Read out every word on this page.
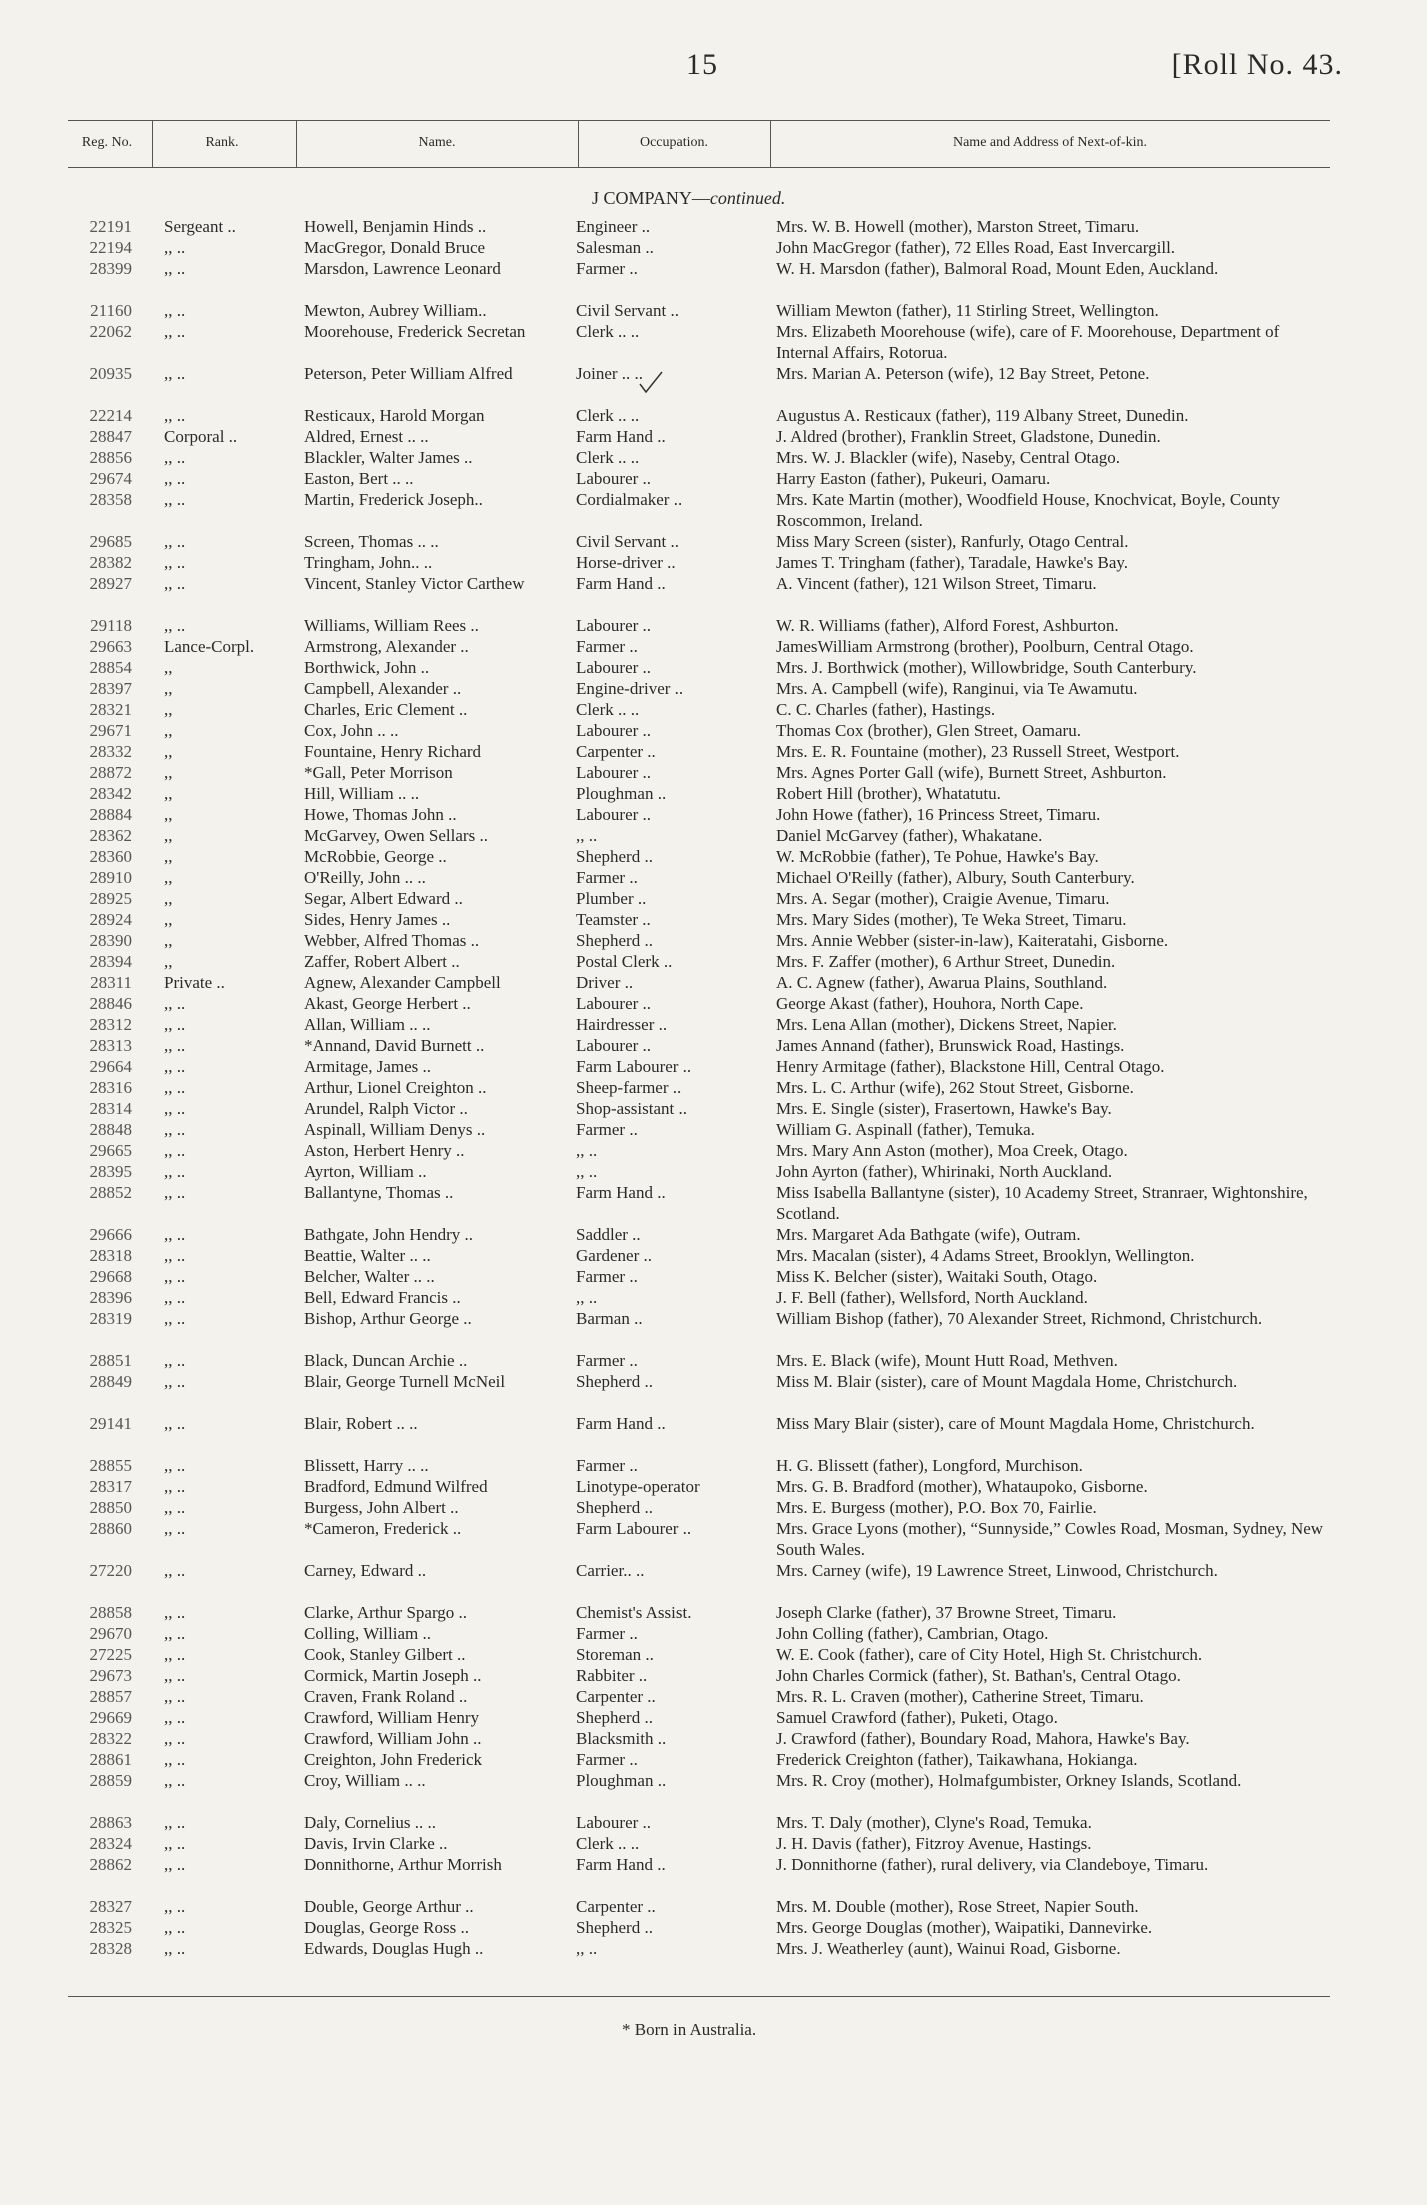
15	[Roll No. 43.
Reg. No.	Rank.	Name.	Occupation.	Name and Address of Next-of-kin.
J COMPANY—continued.
22191 Sergeant ..	Howell, Benjamin Hinds ..	Engineer ..	Mrs. W. B. Howell (mother), Marston Street, Timaru.
22194 ,, ..	MacGregor, Donald Bruce	Salesman ..	John MacGregor (father), 72 Elles Road, East Invercargill.
28399 ,, ..	Marsdon, Lawrence Leonard	Farmer ..	W. H. Marsdon (father), Balmoral Road, Mount Eden, Auckland.
21160 ,, ..	Mewton, Aubrey William..	Civil Servant ..	William Mewton (father), 11 Stirling Street, Wellington.
22062 ,, ..	Moorehouse, Frederick Secretan	Clerk .. ..	Mrs. Elizabeth Moorehouse (wife), care of F. Moorehouse, Department of Internal Affairs, Rotorua.
20935 ,, ..	Peterson, Peter William Alfred	Joiner .. ..	Mrs. Marian A. Peterson (wife), 12 Bay Street, Petone.
22214 ,, ..	Resticaux, Harold Morgan	Clerk .. ..	Augustus A. Resticaux (father), 119 Albany Street, Dunedin.
28847 Corporal ..	Aldred, Ernest .. ..	Farm Hand ..	J. Aldred (brother), Franklin Street, Gladstone, Dunedin.
28856 ,, ..	Blackler, Walter James ..	Clerk .. ..	Mrs. W. J. Blackler (wife), Naseby, Central Otago.
29674 ,, ..	Easton, Bert .. ..	Labourer ..	Harry Easton (father), Pukeuri, Oamaru.
28358 ,, ..	Martin, Frederick Joseph..	Cordialmaker ..	Mrs. Kate Martin (mother), Woodfield House, Knochvicat, Boyle, County Roscommon, Ireland.
29685 ,, ..	Screen, Thomas .. ..	Civil Servant ..	Miss Mary Screen (sister), Ranfurly, Otago Central.
28382 ,, ..	Tringham, John.. ..	Horse-driver ..	James T. Tringham (father), Taradale, Hawke's Bay.
28927 ,, ..	Vincent, Stanley Victor Carthew	Farm Hand ..	A. Vincent (father), 121 Wilson Street, Timaru.
29118 ,, ..	Williams, William Rees ..	Labourer ..	W. R. Williams (father), Alford Forest, Ashburton.
29663 Lance-Corpl.	Armstrong, Alexander ..	Farmer ..	JamesWilliam Armstrong (brother), Poolburn, Central Otago.
28854 ,,	Borthwick, John ..	Labourer ..	Mrs. J. Borthwick (mother), Willowbridge, South Canterbury.
28397 ,,	Campbell, Alexander ..	Engine-driver ..	Mrs. A. Campbell (wife), Ranginui, via Te Awamutu.
28321 ,,	Charles, Eric Clement ..	Clerk .. ..	C. C. Charles (father), Hastings.
29671 ,,	Cox, John .. ..	Labourer ..	Thomas Cox (brother), Glen Street, Oamaru.
28332 ,,	Fountaine, Henry Richard	Carpenter ..	Mrs. E. R. Fountaine (mother), 23 Russell Street, Westport.
28872 ,,	*Gall, Peter Morrison	Labourer ..	Mrs. Agnes Porter Gall (wife), Burnett Street, Ashburton.
28342 ,,	Hill, William .. ..	Ploughman ..	Robert Hill (brother), Whatatutu.
28884 ,,	Howe, Thomas John ..	Labourer ..	John Howe (father), 16 Princess Street, Timaru.
28362 ,,	McGarvey, Owen Sellars ..	,, ..	Daniel McGarvey (father), Whakatane.
28360 ,,	McRobbie, George ..	Shepherd ..	W. McRobbie (father), Te Pohue, Hawke's Bay.
28910 ,,	O'Reilly, John .. ..	Farmer ..	Michael O'Reilly (father), Albury, South Canterbury.
28925 ,,	Segar, Albert Edward ..	Plumber ..	Mrs. A. Segar (mother), Craigie Avenue, Timaru.
28924 ,,	Sides, Henry James ..	Teamster ..	Mrs. Mary Sides (mother), Te Weka Street, Timaru.
28390 ,,	Webber, Alfred Thomas ..	Shepherd ..	Mrs. Annie Webber (sister-in-law), Kaiteratahi, Gisborne.
28394 ,,	Zaffer, Robert Albert ..	Postal Clerk ..	Mrs. F. Zaffer (mother), 6 Arthur Street, Dunedin.
28311 Private ..	Agnew, Alexander Campbell	Driver ..	A. C. Agnew (father), Awarua Plains, Southland.
28846 ,, ..	Akast, George Herbert ..	Labourer ..	George Akast (father), Houhora, North Cape.
28312 ,, ..	Allan, William .. ..	Hairdresser ..	Mrs. Lena Allan (mother), Dickens Street, Napier.
28313 ,, ..	*Annand, David Burnett ..	Labourer ..	James Annand (father), Brunswick Road, Hastings.
29664 ,, ..	Armitage, James ..	Farm Labourer ..	Henry Armitage (father), Blackstone Hill, Central Otago.
28316 ,, ..	Arthur, Lionel Creighton ..	Sheep-farmer ..	Mrs. L. C. Arthur (wife), 262 Stout Street, Gisborne.
28314 ,, ..	Arundel, Ralph Victor ..	Shop-assistant ..	Mrs. E. Single (sister), Frasertown, Hawke's Bay.
28848 ,, ..	Aspinall, William Denys ..	Farmer ..	William G. Aspinall (father), Temuka.
29665 ,, ..	Aston, Herbert Henry ..	,, ..	Mrs. Mary Ann Aston (mother), Moa Creek, Otago.
28395 ,, ..	Ayrton, William ..	,, ..	John Ayrton (father), Whirinaki, North Auckland.
28852 ,, ..	Ballantyne, Thomas ..	Farm Hand ..	Miss Isabella Ballantyne (sister), 10 Academy Street, Stranraer, Wightonshire, Scotland.
29666 ,, ..	Bathgate, John Hendry ..	Saddler ..	Mrs. Margaret Ada Bathgate (wife), Outram.
28318 ,, ..	Beattie, Walter .. ..	Gardener ..	Mrs. Macalan (sister), 4 Adams Street, Brooklyn, Wellington.
29668 ,, ..	Belcher, Walter .. ..	Farmer ..	Miss K. Belcher (sister), Waitaki South, Otago.
28396 ,, ..	Bell, Edward Francis ..	,, ..	J. F. Bell (father), Wellsford, North Auckland.
28319 ,, ..	Bishop, Arthur George ..	Barman ..	William Bishop (father), 70 Alexander Street, Richmond, Christchurch.
28851 ,, ..	Black, Duncan Archie ..	Farmer ..	Mrs. E. Black (wife), Mount Hutt Road, Methven.
28849 ,, ..	Blair, George Turnell McNeil	Shepherd ..	Miss M. Blair (sister), care of Mount Magdala Home, Christchurch.
29141 ,, ..	Blair, Robert .. ..	Farm Hand ..	Miss Mary Blair (sister), care of Mount Magdala Home, Christchurch.
28855 ,, ..	Blissett, Harry .. ..	Farmer ..	H. G. Blissett (father), Longford, Murchison.
28317 ,, ..	Bradford, Edmund Wilfred	Linotype-operator	Mrs. G. B. Bradford (mother), Whataupoko, Gisborne.
28850 ,, ..	Burgess, John Albert ..	Shepherd ..	Mrs. E. Burgess (mother), P.O. Box 70, Fairlie.
28860 ,, ..	*Cameron, Frederick ..	Farm Labourer ..	Mrs. Grace Lyons (mother), “Sunnyside,” Cowles Road, Mosman, Sydney, New South Wales.
27220 ,, ..	Carney, Edward ..	Carrier.. ..	Mrs. Carney (wife), 19 Lawrence Street, Linwood, Christchurch.
28858 ,, ..	Clarke, Arthur Spargo ..	Chemist's Assist.	Joseph Clarke (father), 37 Browne Street, Timaru.
29670 ,, ..	Colling, William ..	Farmer ..	John Colling (father), Cambrian, Otago.
27225 ,, ..	Cook, Stanley Gilbert ..	Storeman ..	W. E. Cook (father), care of City Hotel, High St. Christchurch.
29673 ,, ..	Cormick, Martin Joseph ..	Rabbiter ..	John Charles Cormick (father), St. Bathan's, Central Otago.
28857 ,, ..	Craven, Frank Roland ..	Carpenter ..	Mrs. R. L. Craven (mother), Catherine Street, Timaru.
29669 ,, ..	Crawford, William Henry	Shepherd ..	Samuel Crawford (father), Puketi, Otago.
28322 ,, ..	Crawford, William John ..	Blacksmith ..	J. Crawford (father), Boundary Road, Mahora, Hawke's Bay.
28861 ,, ..	Creighton, John Frederick	Farmer ..	Frederick Creighton (father), Taikawhana, Hokianga.
28859 ,, ..	Croy, William .. ..	Ploughman ..	Mrs. R. Croy (mother), Holmafgumbister, Orkney Islands, Scotland.
28863 ,, ..	Daly, Cornelius .. ..	Labourer ..	Mrs. T. Daly (mother), Clyne's Road, Temuka.
28324 ,, ..	Davis, Irvin Clarke ..	Clerk .. ..	J. H. Davis (father), Fitzroy Avenue, Hastings.
28862 ,, ..	Donnithorne, Arthur Morrish	Farm Hand ..	J. Donnithorne (father), rural delivery, via Clandeboye, Timaru.
28327 ,, ..	Double, George Arthur ..	Carpenter ..	Mrs. M. Double (mother), Rose Street, Napier South.
28325 ,, ..	Douglas, George Ross ..	Shepherd ..	Mrs. George Douglas (mother), Waipatiki, Dannevirke.
28328 ,, ..	Edwards, Douglas Hugh ..	,, ..	Mrs. J. Weatherley (aunt), Wainui Road, Gisborne.
* Born in Australia.
